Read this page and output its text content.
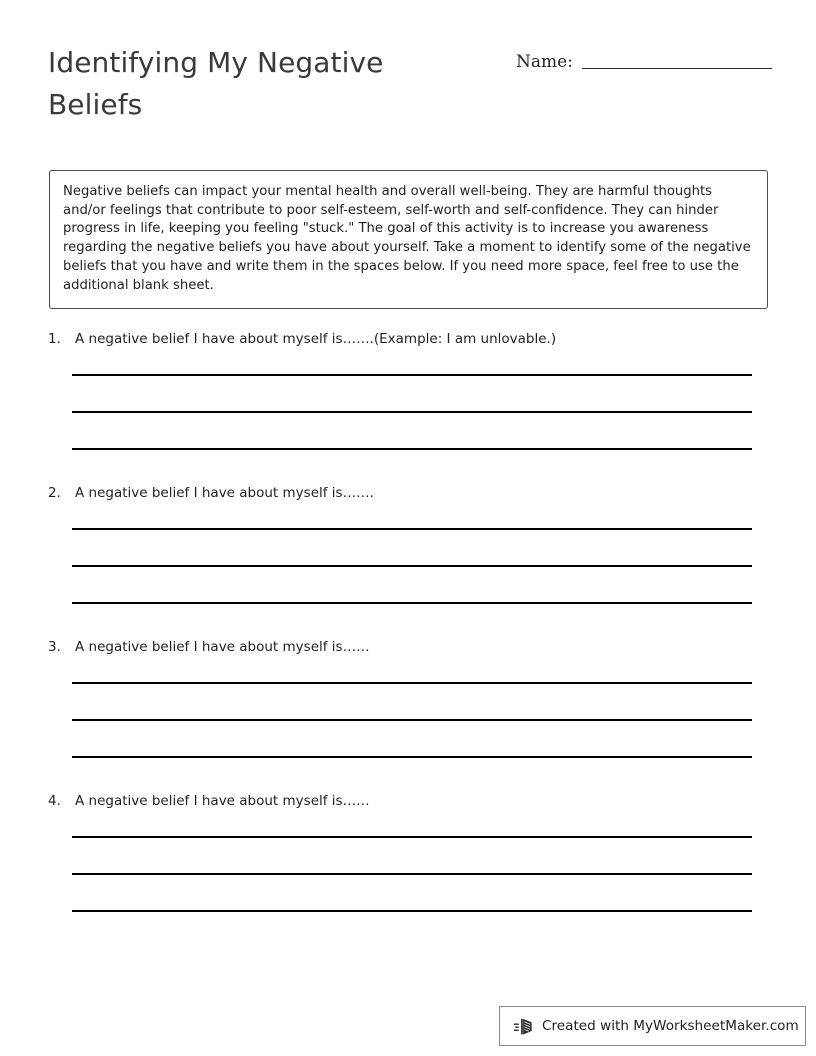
Identifying My Negative Beliefs
Name:

Negative beliefs can impact your mental health and overall well-being. They are harmful thoughts and/or feelings that contribute to poor self-esteem, self-worth and self-confidence. They can hinder progress in life, keeping you feeling "stuck." The goal of this activity is to increase you awareness regarding the negative beliefs you have about yourself. Take a moment to identify some of the negative beliefs that you have and write them in the spaces below. If you need more space, feel free to use the additional blank sheet.

1.	A negative belief I have about myself is…….(Example: I am unlovable.)
2.	A negative belief I have about myself is…….
3.	A negative belief I have about myself is……
4.	A negative belief I have about myself is……
Created with MyWorksheetMaker.com
